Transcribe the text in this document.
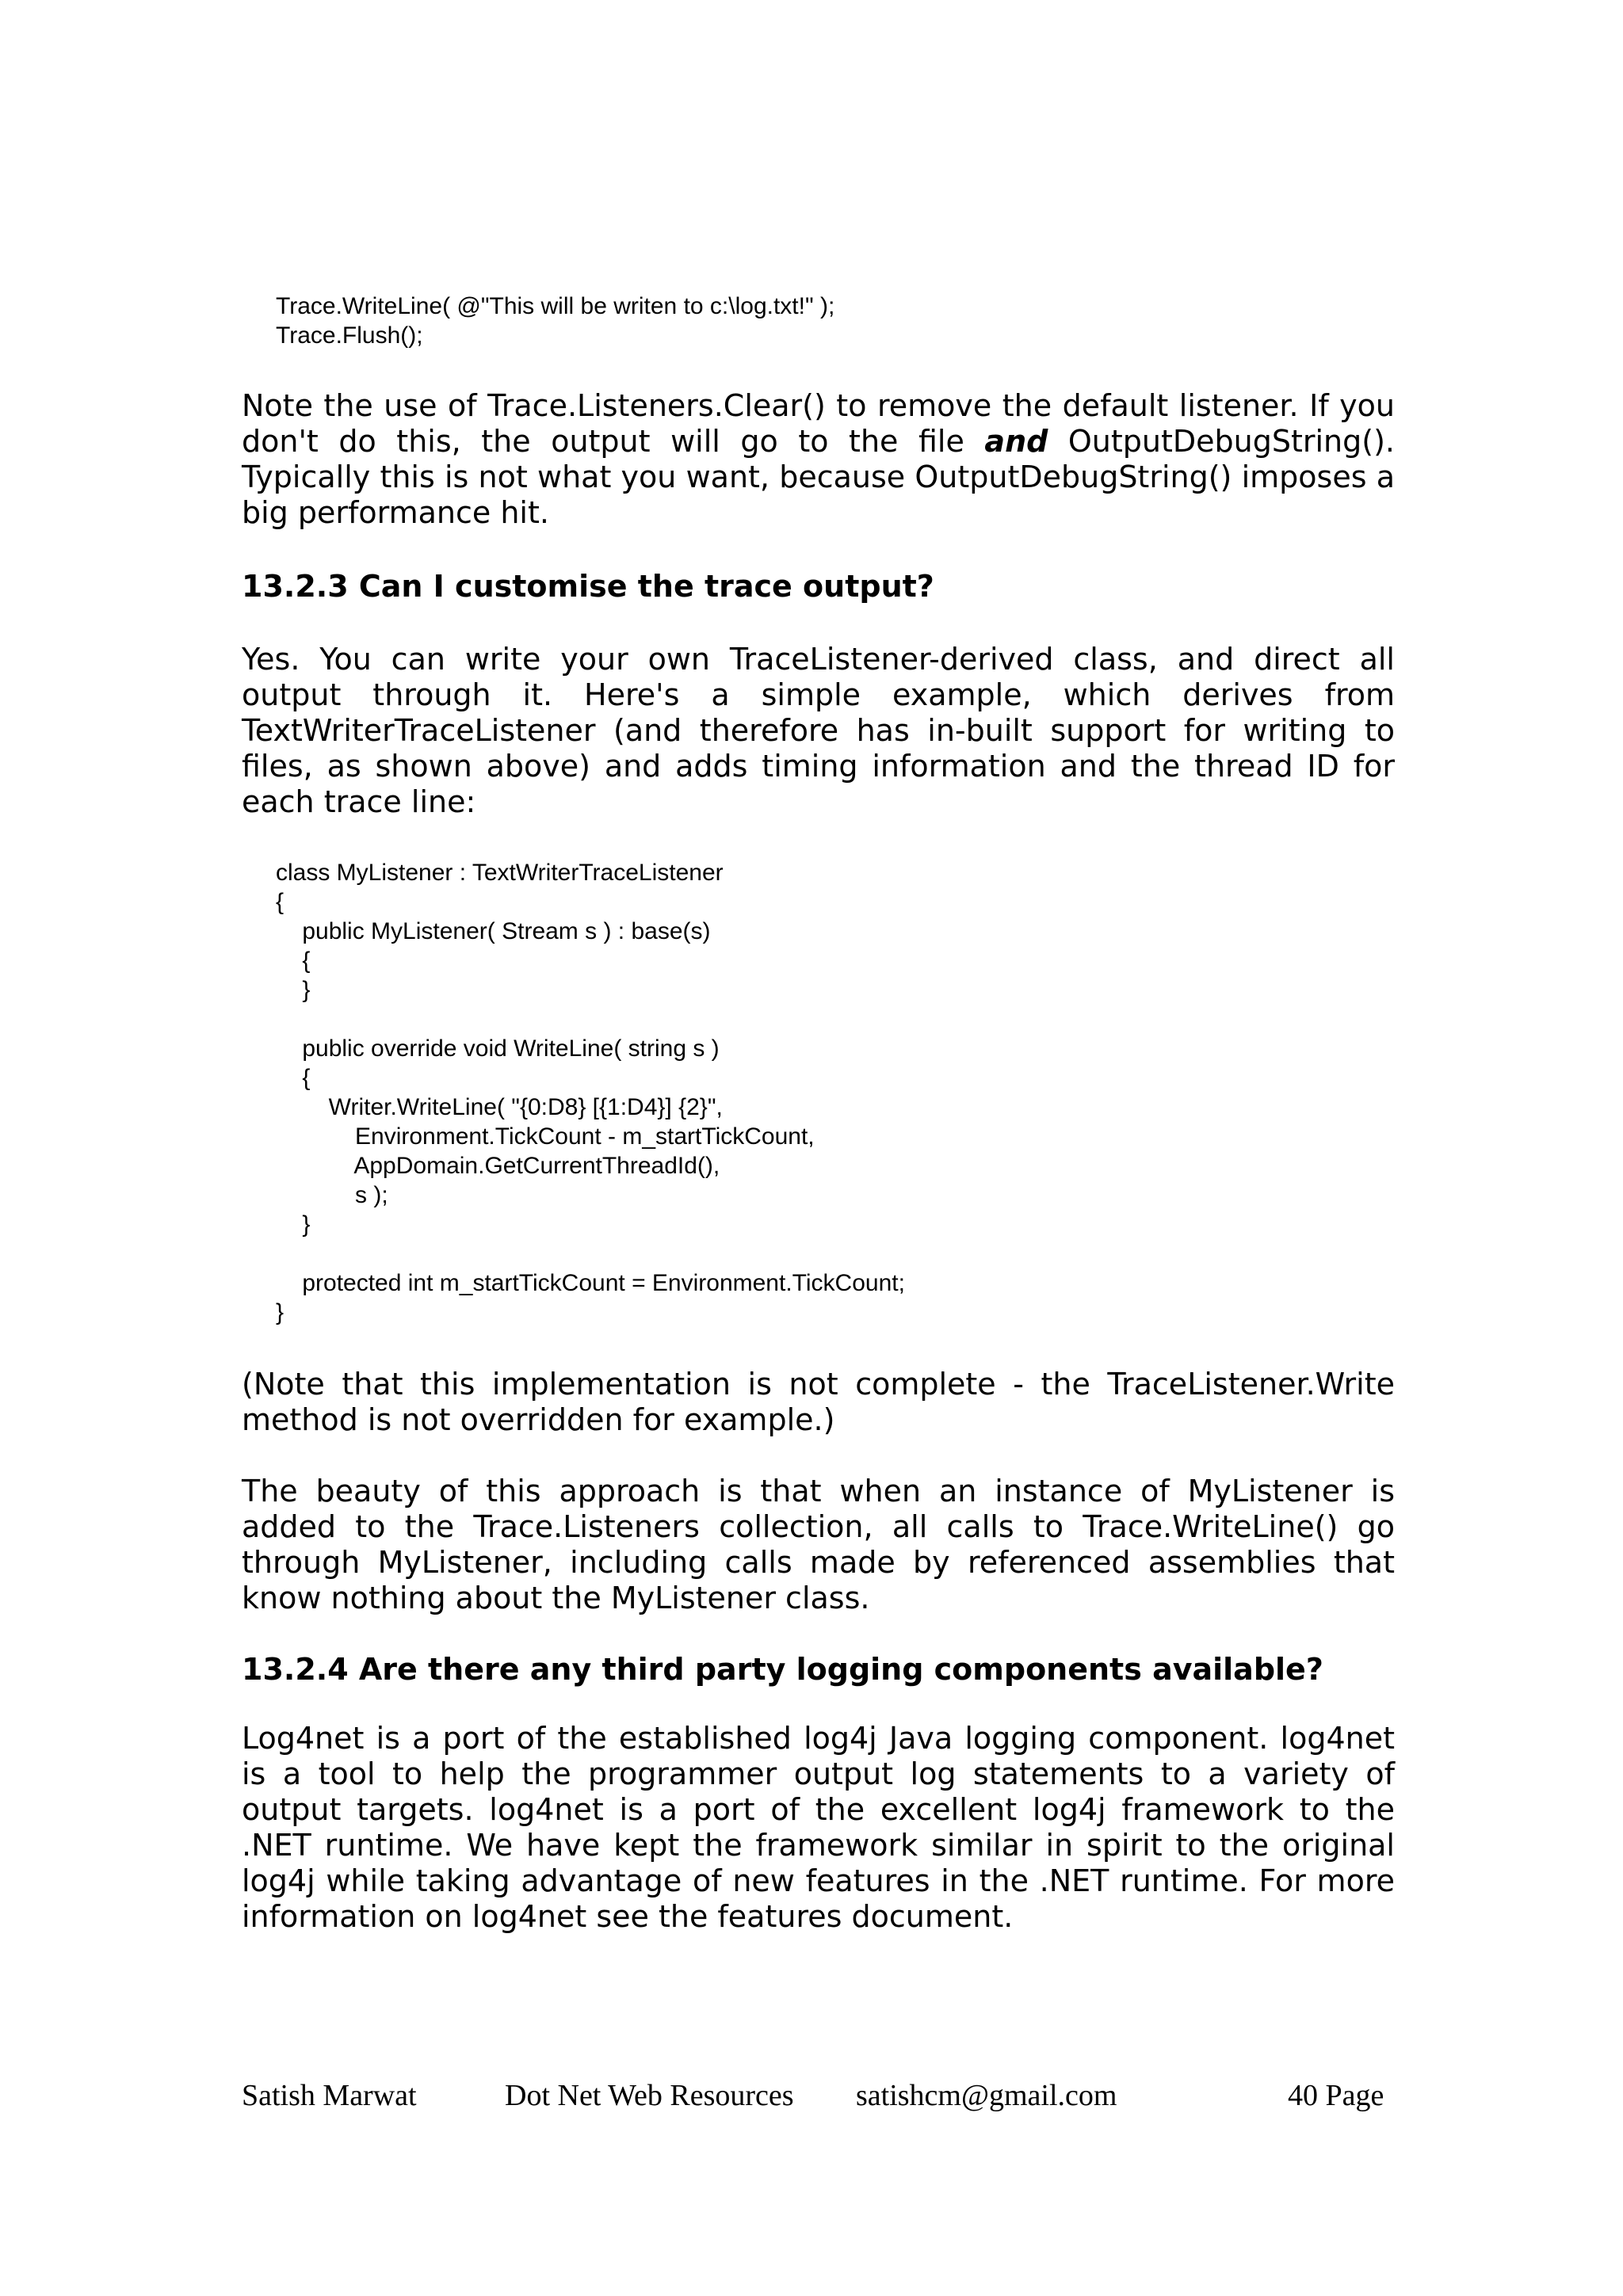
Trace.WriteLine( @"This will be writen to c:\log.txt!" );
Trace.Flush();

Note the use of Trace.Listeners.Clear() to remove the default listener. If you don't do this, the output will go to the file and OutputDebugString(). Typically this is not what you want, because OutputDebugString() imposes a big performance hit.

13.2.3 Can I customise the trace output?

Yes. You can write your own TraceListener-derived class, and direct all output through it. Here's a simple example, which derives from TextWriterTraceListener (and therefore has in-built support for writing to files, as shown above) and adds timing information and the thread ID for each trace line:

class MyListener : TextWriterTraceListener
{
public MyListener( Stream s ) : base(s)
{
}

public override void WriteLine( string s )
{
Writer.WriteLine( "{0:D8} [{1:D4}] {2}",
Environment.TickCount - m_startTickCount,
AppDomain.GetCurrentThreadId(),
s );
}

protected int m_startTickCount = Environment.TickCount;
}

(Note that this implementation is not complete - the TraceListener.Write method is not overridden for example.)

The beauty of this approach is that when an instance of MyListener is added to the Trace.Listeners collection, all calls to Trace.WriteLine() go through MyListener, including calls made by referenced assemblies that know nothing about the MyListener class.

13.2.4 Are there any third party logging components available?

Log4net is a port of the established log4j Java logging component. log4net is a tool to help the programmer output log statements to a variety of output targets. log4net is a port of the excellent log4j framework to the .NET runtime. We have kept the framework similar in spirit to the original log4j while taking advantage of new features in the .NET runtime. For more information on log4net see the features document.

Satish Marwat	Dot Net Web Resources satishcm@gmail.com	40 Page
